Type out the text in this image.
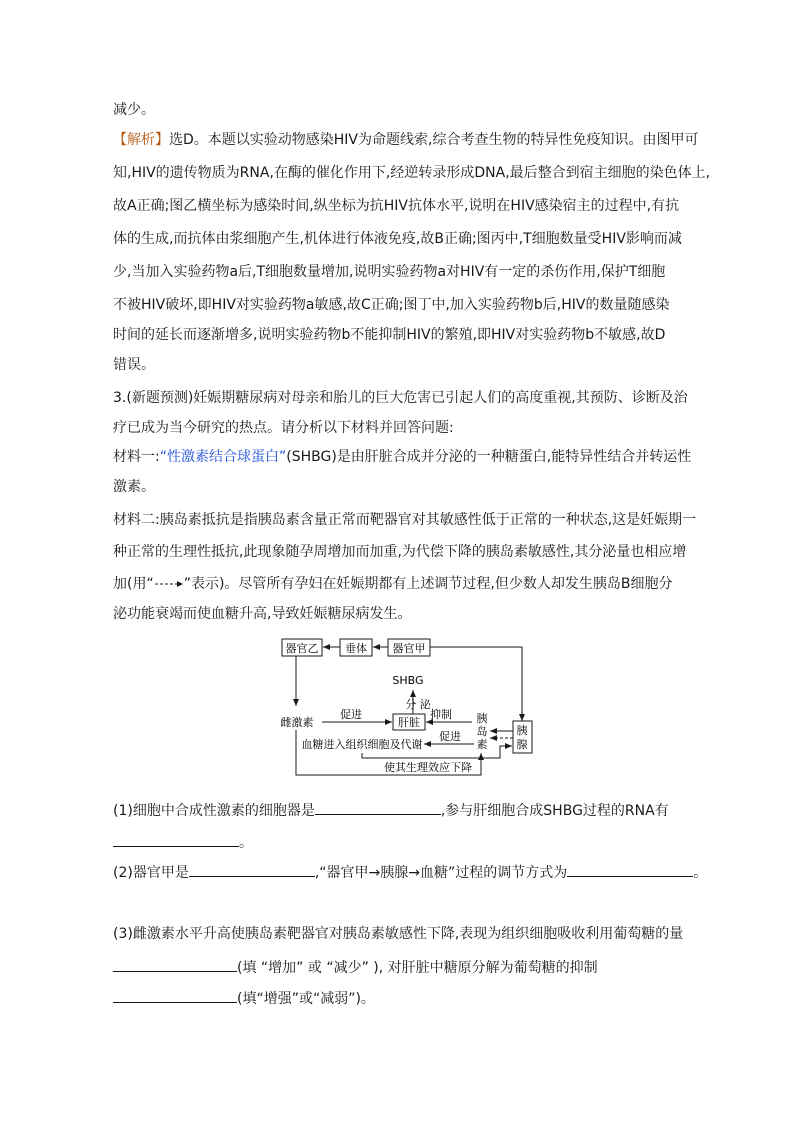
减少。
【解析】选D。本题以实验动物感染HIV为命题线索,综合考查生物的特异性免疫知识。由图甲可
知,HIV的遗传物质为RNA,在酶的催化作用下,经逆转录形成DNA,最后整合到宿主细胞的染色体上,
故A正确;图乙横坐标为感染时间,纵坐标为抗HIV抗体水平,说明在HIV感染宿主的过程中,有抗
体的生成,而抗体由浆细胞产生,机体进行体液免疫,故B正确;图丙中,T细胞数量受HIV影响而减
少,当加入实验药物a后,T细胞数量增加,说明实验药物a对HIV有一定的杀伤作用,保护T细胞
不被HIV破坏,即HIV对实验药物a敏感,故C正确;图丁中,加入实验药物b后,HIV的数量随感染
时间的延长而逐渐增多,说明实验药物b不能抑制HIV的繁殖,即HIV对实验药物b不敏感,故D
错误。
3.(新题预测)妊娠期糖尿病对母亲和胎儿的巨大危害已引起人们的高度重视,其预防、诊断及治
疗已成为当今研究的热点。请分析以下材料并回答问题:
材料一:“性激素结合球蛋白”(SHBG)是由肝脏合成并分泌的一种糖蛋白,能特异性结合并转运性
激素。
材料二:胰岛素抵抗是指胰岛素含量正常而靶器官对其敏感性低于正常的一种状态,这是妊娠期一
种正常的生理性抵抗,此现象随孕周增加而加重,为代偿下降的胰岛素敏感性,其分泌量也相应增
加(用“ ”表示)。尽管所有孕妇在妊娠期都有上述调节过程,但少数人却发生胰岛B细胞分
泌功能衰竭而使血糖升高,导致妊娠糖尿病发生。
器官乙 垂体 器官甲
雌激素
SHBG
分 泌
促进
肝脏
抑制 胰
岛
素
胰
腺
促进
血糖进入组织细胞及代谢
使其生理效应下降
(1)细胞中合成性激素的细胞器是	,参与肝细胞合成SHBG过程的RNA有
。
(2)器官甲是	,“器官甲→胰腺→血糖”过程的调节方式为	。
(3)雌激素水平升高使胰岛素靶器官对胰岛素敏感性下降,表现为组织细胞吸收利用葡萄糖的量
(填 “增加” 或 “减少” ), 对肝脏中糖原分解为葡萄糖的抑制
(填“增强”或“减弱”)。
